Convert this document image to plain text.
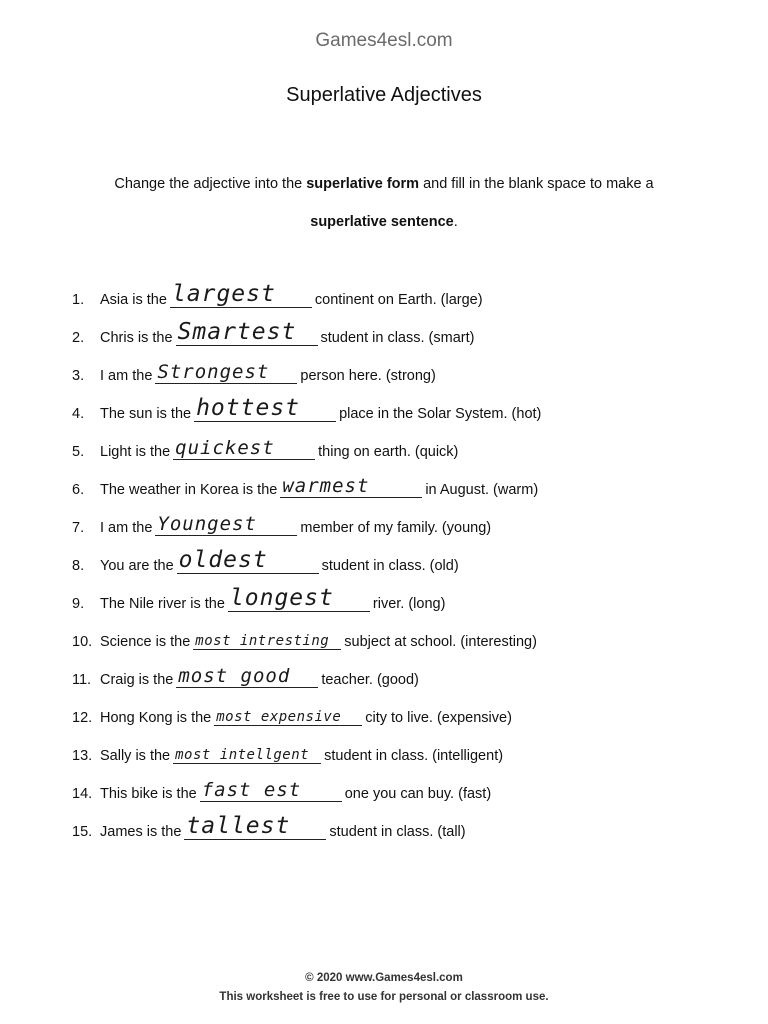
Games4esl.com
Superlative Adjectives
Change the adjective into the superlative form and fill in the blank space to make a
superlative sentence.
1.	Asia is the largest	continent on Earth. (large)
2.	Chris is the Smartest student in class. (smart)
3.	I am the Strongest person here. (strong)
4.	The sun is the hottest	place in the Solar System. (hot)
5.	Light is the quickest	thing on earth. (quick)
6.	The weather in Korea is the warmest	in August. (warm)
7.	I am the Youngest	member of my family. (young)
8.	You are the oldest	student in class. (old)
9.	The Nile river is the longest	river. (long)
10. Science is the most intresting subject at school. (interesting)
11. Craig is the most good teacher. (good)
12. Hong Kong is the most expensive city to live. (expensive)
13. Sally is the most intellgent student in class. (intelligent)
14. This bike is the fast est	one you can buy. (fast)
15. James is the tallest	student in class. (tall)
© 2020 www.Games4esl.com
This worksheet is free to use for personal or classroom use.
